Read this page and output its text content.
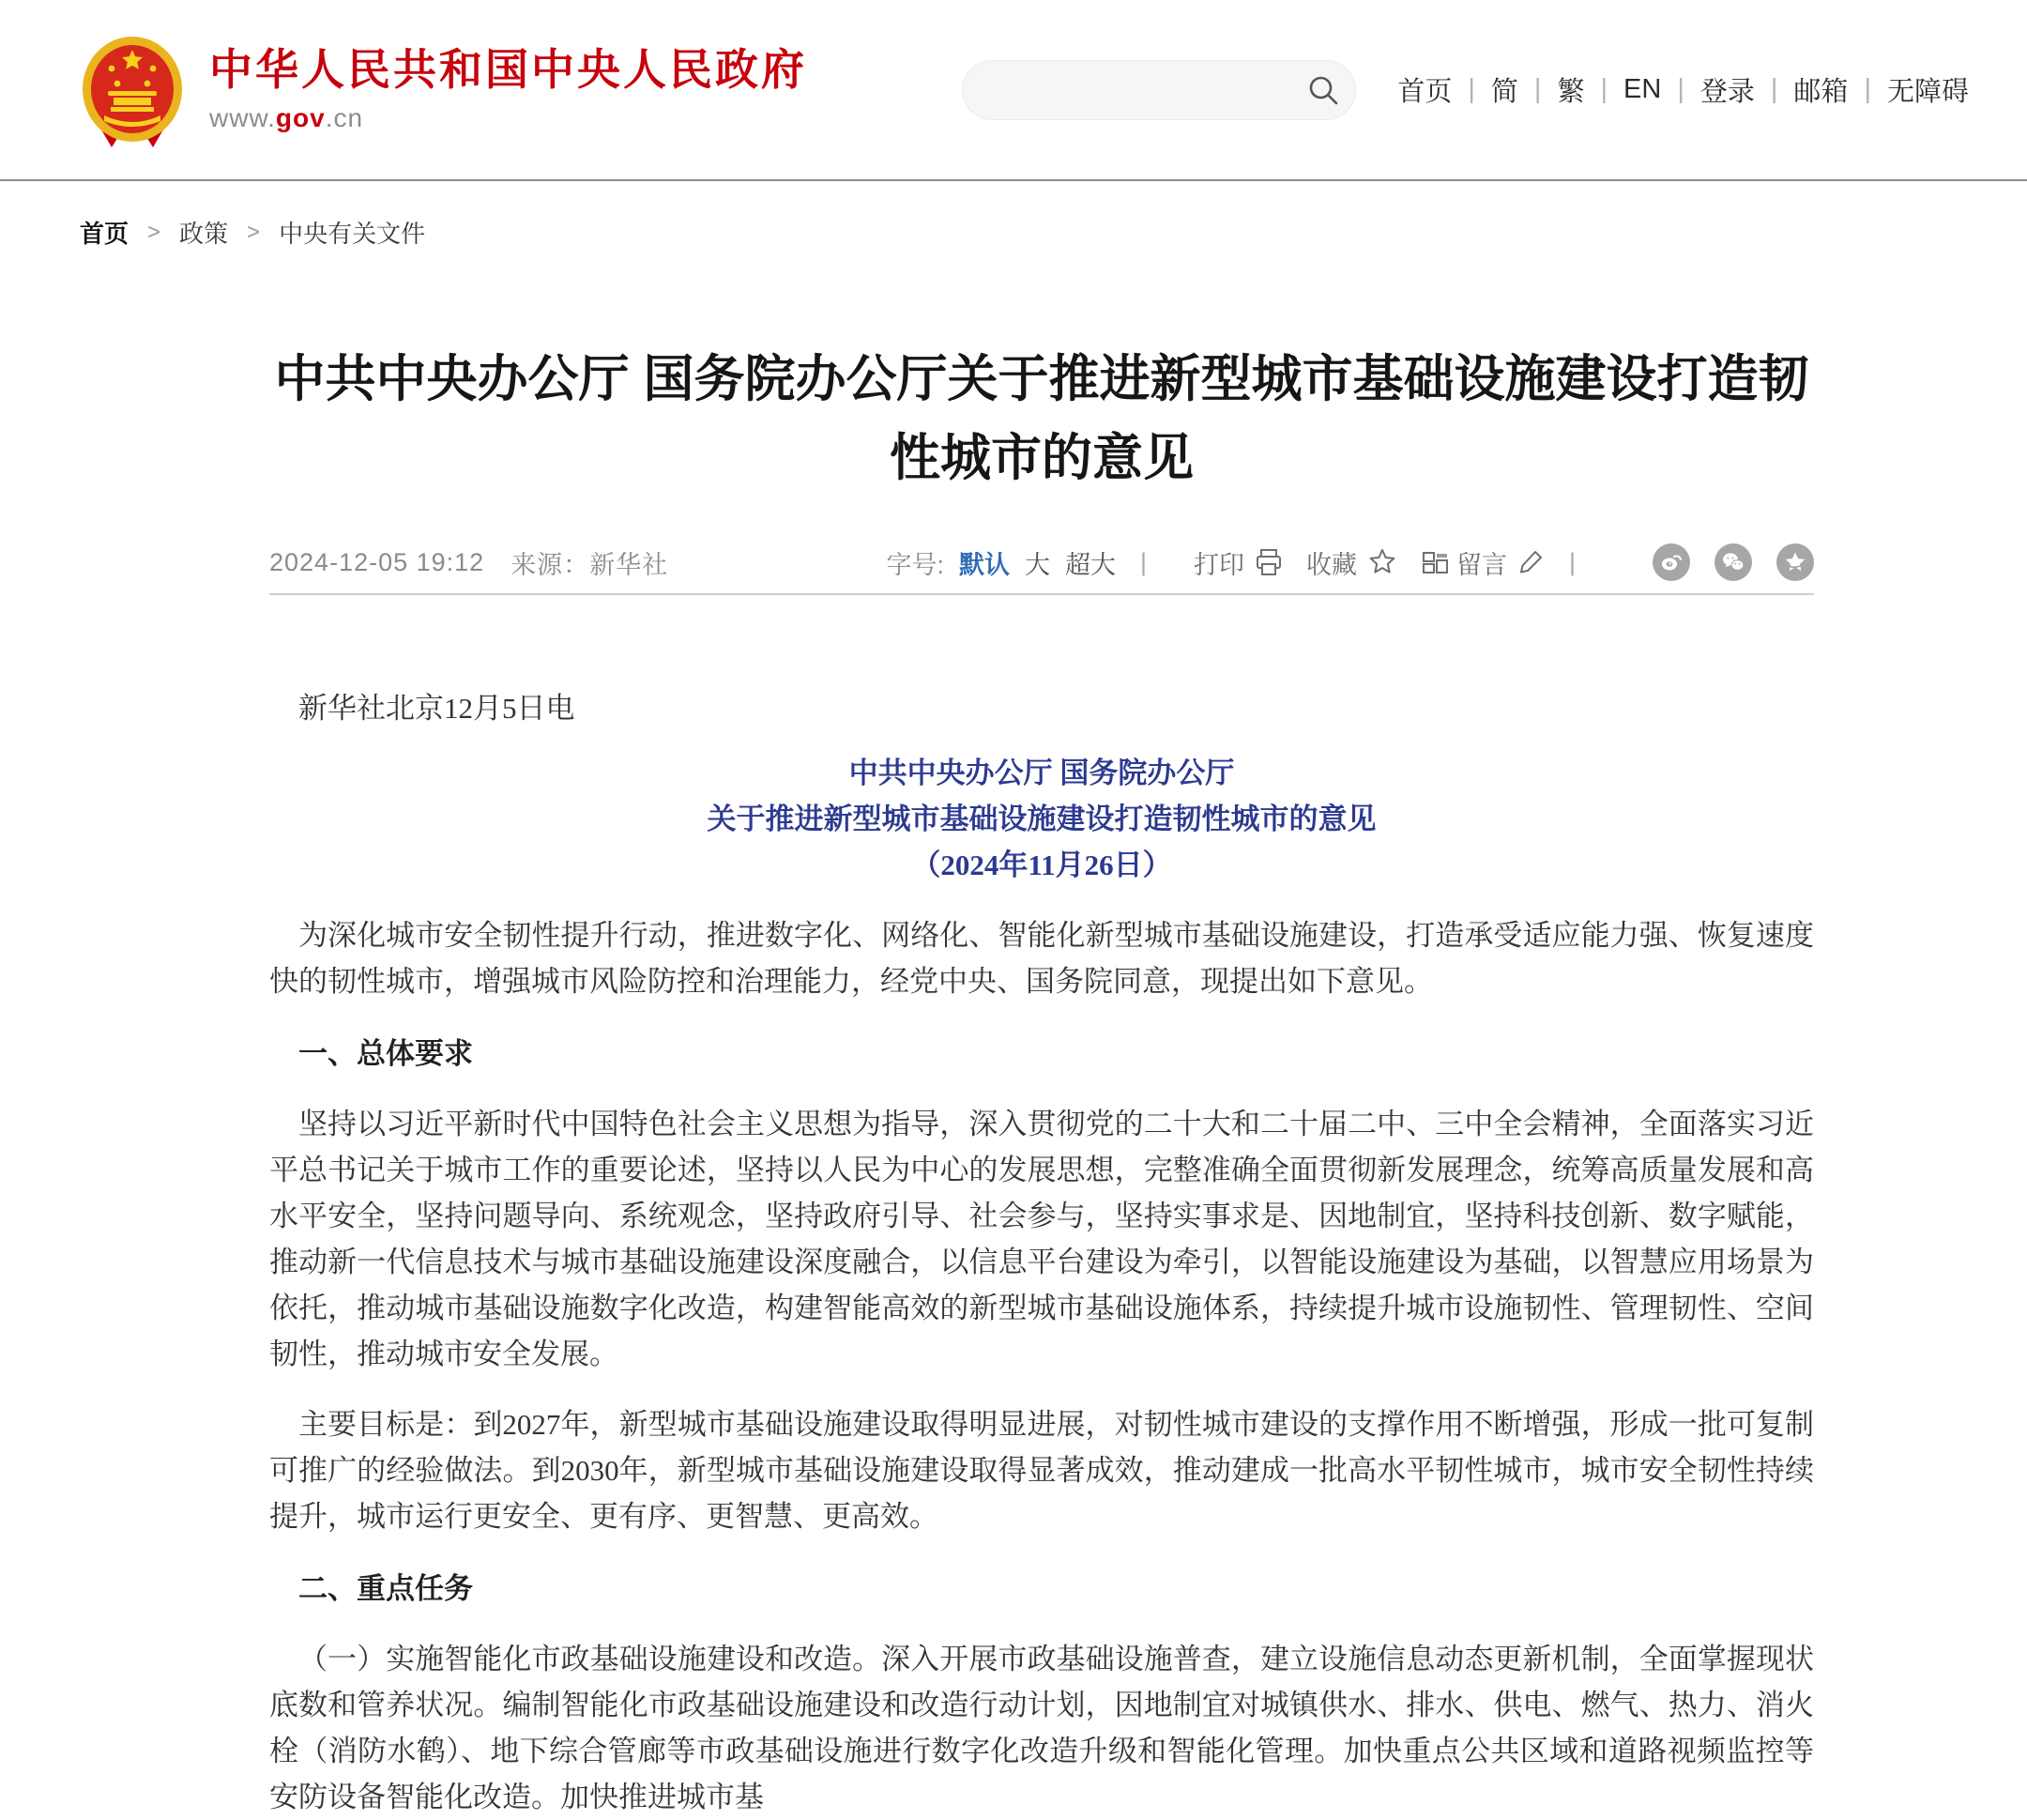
中华人民共和国中央人民政府
www.gov.cn
首页 | 简 | 繁 | EN | 登录 | 邮箱 | 无障碍
首页 > 政策 > 中央有关文件
中共中央办公厅 国务院办公厅关于推进新型城市基础设施建设打造韧性城市的意见
2024-12-05 19:12 来源： 新华社	字号: 默认 大 超大 | 打印 收藏	留言 |

新华社北京12月5日电

中共中央办公厅 国务院办公厅

关于推进新型城市基础设施建设打造韧性城市的意见

（2024年11月26日）

为深化城市安全韧性提升行动，推进数字化、网络化、智能化新型城市基础设施建设，打造承受适应能力强、恢复速度快的韧性城市，增强城市风险防控和治理能力，经党中央、国务院同意，现提出如下意见。

一、总体要求

坚持以习近平新时代中国特色社会主义思想为指导，深入贯彻党的二十大和二十届二中、三中全会精神，全面落实习近平总书记关于城市工作的重要论述，坚持以人民为中心的发展思想，完整准确全面贯彻新发展理念，统筹高质量发展和高水平安全，坚持问题导向、系统观念，坚持政府引导、社会参与，坚持实事求是、因地制宜，坚持科技创新、数字赋能，推动新一代信息技术与城市基础设施建设深度融合，以信息平台建设为牵引，以智能设施建设为基础，以智慧应用场景为依托，推动城市基础设施数字化改造，构建智能高效的新型城市基础设施体系，持续提升城市设施韧性、管理韧性、空间韧性，推动城市安全发展。

主要目标是：到2027年，新型城市基础设施建设取得明显进展，对韧性城市建设的支撑作用不断增强，形成一批可复制可推广的经验做法。到2030年，新型城市基础设施建设取得显著成效，推动建成一批高水平韧性城市，城市安全韧性持续提升，城市运行更安全、更有序、更智慧、更高效。

二、重点任务

（一）实施智能化市政基础设施建设和改造。深入开展市政基础设施普查，建立设施信息动态更新机制，全面掌握现状底数和管养状况。编制智能化市政基础设施建设和改造行动计划，因地制宜对城镇供水、排水、供电、燃气、热力、消火栓（消防水鹤）、地下综合管廊等市政基础设施进行数字化改造升级和智能化管理。加快重点公共区域和道路视频监控等安防设备智能化改造。加快推进城市基
